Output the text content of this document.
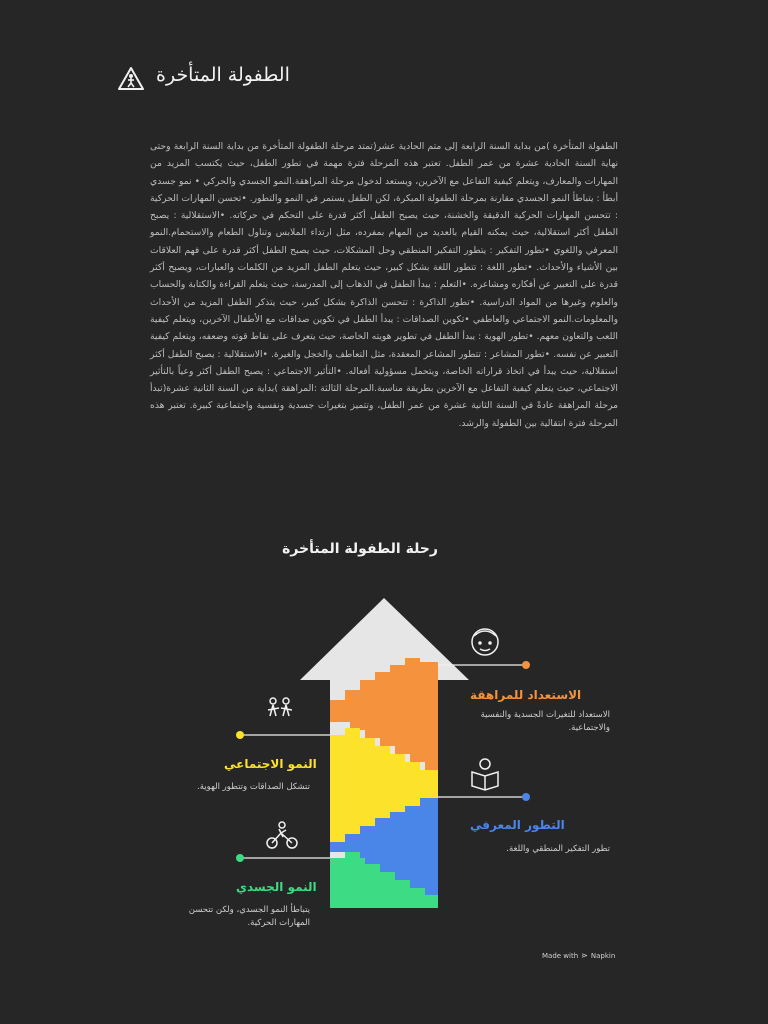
الطفولة المتأخرة
الطفولة المتأخرة )من بداية السنة الرابعة إلى متم الحادية عشر(تمتد مرحلة الطفولة المتأخرة من بداية السنة الرابعة وحتى نهاية السنة الحادية عشرة من عمر الطفل. تعتبر هذه المرحلة فترة مهمة في تطور الطفل، حيث يكتسب المزيد من المهارات والمعارف، ويتعلم كيفية التفاعل مع الآخرين، ويستعد لدخول مرحلة المراهقة.النمو الجسدي والحركي • نمو جسدي أبطأ : يتباطأ النمو الجسدي مقارنة بمرحلة الطفولة المبكرة، لكن الطفل يستمر في النمو والتطور. •تحسن المهارات الحركية : تتحسن المهارات الحركية الدقيقة والخشنة، حيث يصبح الطفل أكثر قدرة على التحكم في حركاته. •الاستقلالية : يصبح الطفل أكثر استقلالية، حيث يمكنه القيام بالعديد من المهام بمفرده، مثل ارتداء الملابس وتناول الطعام والاستحمام.النمو المعرفي واللغوي •تطور التفكير : يتطور التفكير المنطقي وحل المشكلات، حيث يصبح الطفل أكثر قدرة على فهم العلاقات بين الأشياء والأحداث. •تطور اللغة : تتطور اللغة بشكل كبير، حيث يتعلم الطفل المزيد من الكلمات والعبارات، ويصبح أكثر قدرة على التعبير عن أفكاره ومشاعره. •التعلم : يبدأ الطفل في الذهاب إلى المدرسة، حيث يتعلم القراءة والكتابة والحساب والعلوم وغيرها من المواد الدراسية. •تطور الذاكرة : تتحسن الذاكرة بشكل كبير، حيث يتذكر الطفل المزيد من الأحداث والمعلومات.النمو الاجتماعي والعاطفي •تكوين الصداقات : يبدأ الطفل في تكوين صداقات مع الأطفال الآخرين، ويتعلم كيفية اللعب والتعاون معهم. •تطور الهوية : يبدأ الطفل في تطوير هويته الخاصة، حيث يتعرف على نقاط قوته وضعفه، ويتعلم كيفية التعبير عن نفسه. •تطور المشاعر : تتطور المشاعر المعقدة، مثل التعاطف والخجل والغيرة. •الاستقلالية : يصبح الطفل أكثر استقلالية، حيث يبدأ في اتخاذ قراراته الخاصة، ويتحمل مسؤولية أفعاله. •التأثير الاجتماعي : يصبح الطفل أكثر وعياً بالتأثير الاجتماعي، حيث يتعلم كيفية التفاعل مع الآخرين بطريقة مناسبة.المرحلة الثالثة :المراهقة )بداية من السنة الثانية عشرة(تبدأ مرحلة المراهقة عادةً في السنة الثانية عشرة من عمر الطفل، وتتميز بتغيرات جسدية ونفسية واجتماعية كبيرة. تعتبر هذه المرحلة فترة انتقالية بين الطفولة والرشد.
رحلة الطفولة المتأخرة
الاستعداد للمراهقة
الاستعداد للتغيرات الجسدية والنفسية والاجتماعية.
النمو الاجتماعي
تتشكل الصداقات وتتطور الهوية.
التطور المعرفي
تطور التفكير المنطقي واللغة.
النمو الجسدي
يتباطأ النمو الجسدي، ولكن تتحسن المهارات الحركية.
Made with ⋗ Napkin
